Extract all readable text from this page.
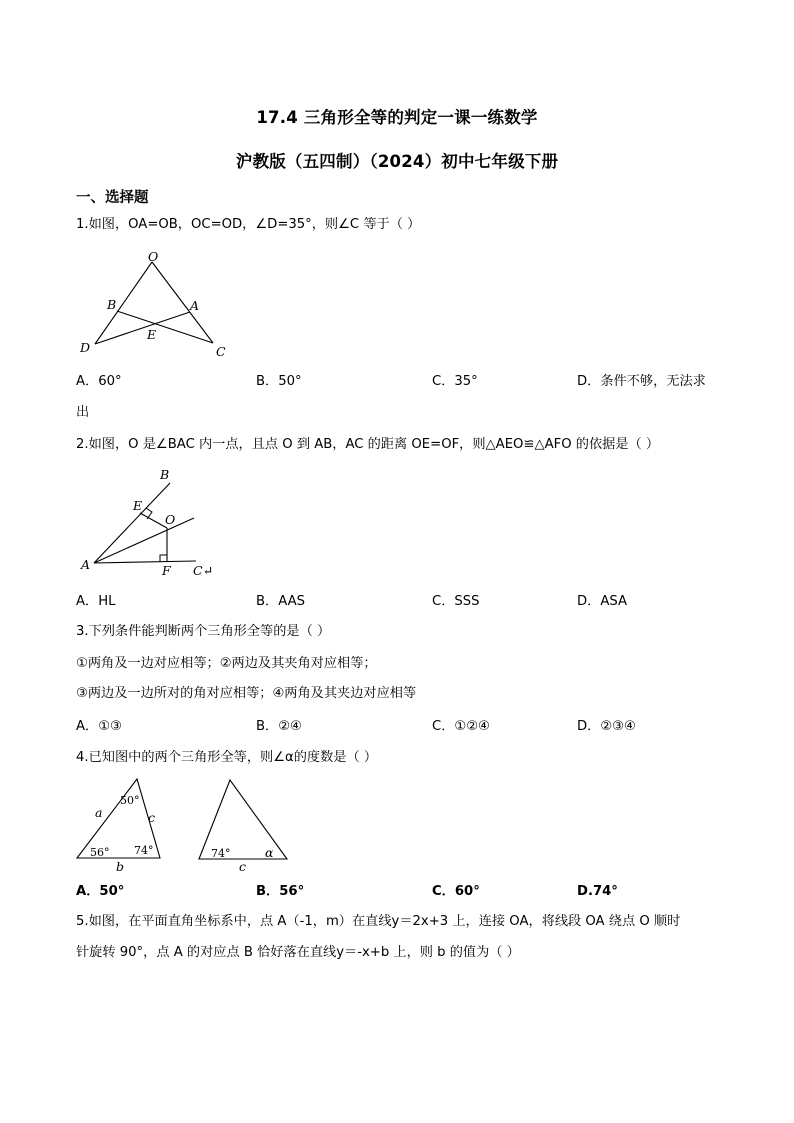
17.4 三角形全等的判定一课一练数学
沪教版（五四制）（2024）初中七年级下册
一、选择题
1.如图，OA=OB，OC=OD，∠D=35°，则∠C 等于（ ）
O
B	A
E
D	C
A．60°	B．50°	C．35°	D．条件不够，无法求
出
2.如图，O 是∠BAC 内一点，且点 O 到 AB，AC 的距离 OE=OF，则△AEO≌△AFO 的依据是（ ）
B
E
O
A	F C↵
A．HL	B．AAS	C．SSS	D．ASA
3.下列条件能判断两个三角形全等的是（ ）
①两角及一边对应相等；②两边及其夹角对应相等；
③两边及一边所对的角对应相等；④两角及其夹边对应相等
A．①③	B．②④	C．①②④	D．②③④
4.已知图中的两个三角形全等，则∠α的度数是（ ）
50°
a	c
56° 74°
b
74°	α
c
A．50°	B．56°	C．60°	D.74°
5.如图，在平面直角坐标系中，点 A（-1，m）在直线y＝2x+3 上，连接 OA，将线段 OA 绕点 O 顺时
针旋转 90°，点 A 的对应点 B 恰好落在直线y＝-x+b 上，则 b 的值为（ ）
